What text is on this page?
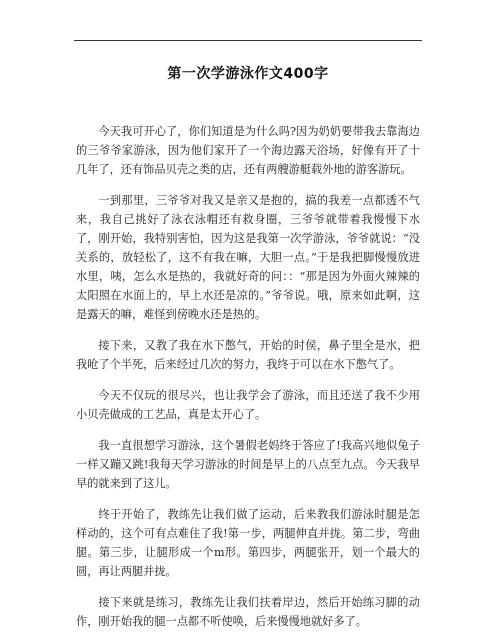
第一次学游泳作文400字

今天我可开心了，你们知道是为什么吗?因为奶奶要带我去靠海边的三爷爷家游泳，因为他们家开了一个海边露天浴场，好像有开了十几年了，还有饰品贝壳之类的店，还有两艘游艇载外地的游客游玩。

一到那里，三爷爷对我又是亲又是抱的，搞的我差一点都透不气来，我自己挑好了泳衣泳帽还有救身圈，三爷爷就带着我慢慢下水了，刚开始，我特别害怕，因为这是我第一次学游泳，爷爷就说：“没关系的，放轻松了，这不有我在嘛，大胆一点。”于是我把脚慢慢放进水里，咦，怎么水是热的，我就好奇的问：：“那是因为外面火辣辣的太阳照在水面上的，早上水还是凉的。”爷爷说。哦，原来如此啊，这是露天的嘛，难怪到傍晚水还是热的。

接下来，又教了我在水下憋气，开始的时侯，鼻子里全是水，把我呛了个半死，后来经过几次的努力，我终于可以在水下憋气了。

今天不仅玩的很尽兴，也让我学会了游泳，而且还送了我不少用小贝壳做成的工艺品，真是太开心了。

我一直很想学习游泳，这个暑假老妈终于答应了!我高兴地似兔子一样又蹦又跳!我每天学习游泳的时间是早上的八点至九点。今天我早早的就来到了这儿。

终于开始了，教练先让我们做了运动，后来教我们游泳时腿是怎样动的，这个可有点难住了我!第一步，两腿伸直并拢。第二步，弯曲腿。第三步，让腿形成一个ⅿ形。第四步，两腿张开，划一个最大的圆，再让两腿并拢。

接下来就是练习，教练先让我们扶着岸边，然后开始练习脚的动作，刚开始我的腿一点都不听使唤，后来慢慢地就好多了。
